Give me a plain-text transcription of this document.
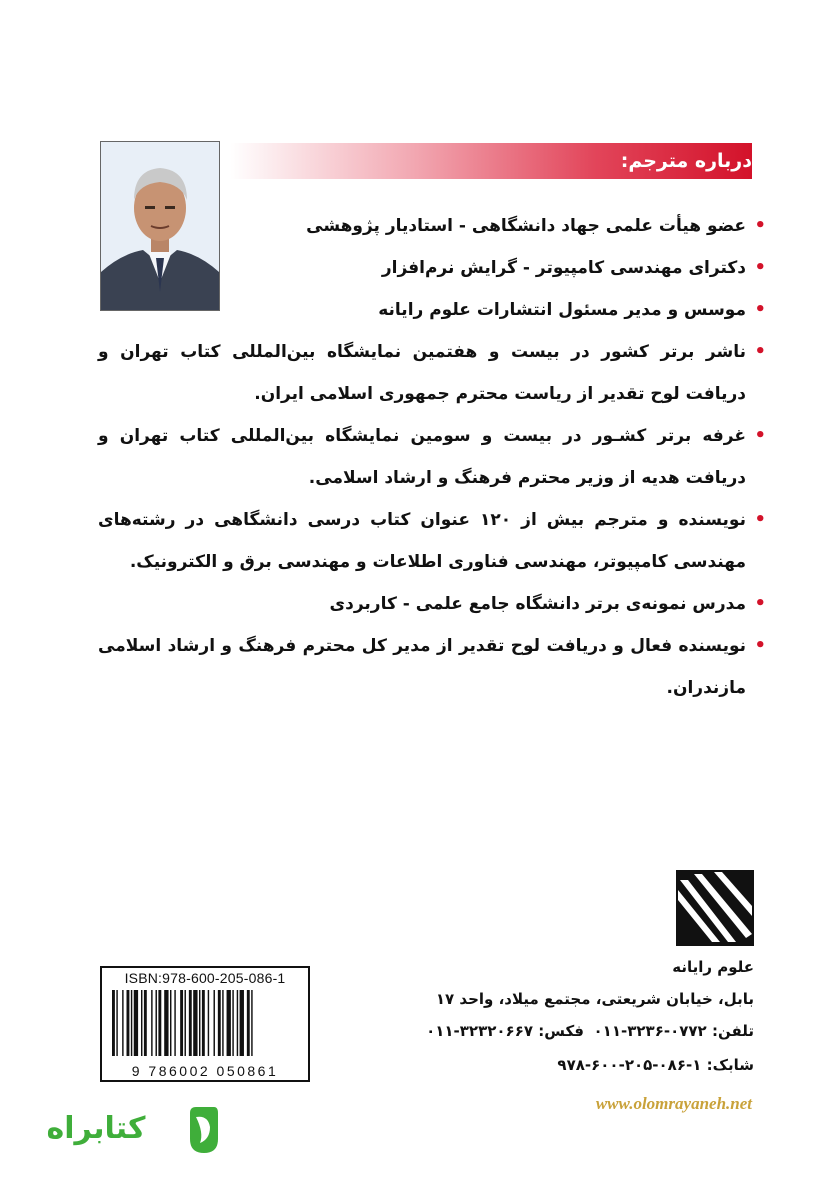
درباره مترجم:
•
عضو هیأت علمی جهاد دانشگاهی - استادیار پژوهشی
•
دکترای مهندسی کامپیوتر - گرایش نرم‌افزار
•
موسس و مدیر مسئول انتشارات علوم رایانه
•
ناشر برتر کشور در بیست و هفتمین نمایشگاه بین‌المللی کتاب تهران و دریافت لوح تقدیر از ریاست محترم جمهوری اسلامی ایران.
•
غرفه برتر کشـور در بیست و سومین نمایشگاه بین‌المللی کتاب تهران و دریافت هدیه از وزیر محترم فرهنگ و ارشاد اسلامی.
•
نویسنده و مترجم بیش از ۱۲۰ عنوان کتاب درسی دانشگاهی در رشته‌های مهندسی کامپیوتر، مهندسی فناوری اطلاعات و مهندسی برق و الکترونیک.
•
مدرس نمونه‌ی برتر دانشگاه جامع علمی - کاربردی
•
نویسنده فعال و دریافت لوح تقدیر از مدیر کل محترم فرهنگ و ارشاد اسلامی مازندران.
علوم رایانه
بابل، خیابان شریعتی، مجتمع میلاد، واحد ۱۷
تلفن: ۰۷۷۲-۳۲۳۶-۰۱۱
فکس: ۳۲۳۲۰۶۶۷-۰۱۱
شابک: ۱-۰۸۶-۲۰۵-۶۰۰-۹۷۸
www.olomrayaneh.net
ISBN:978-600-205-086-1
9 786002 050861
کتابراه
